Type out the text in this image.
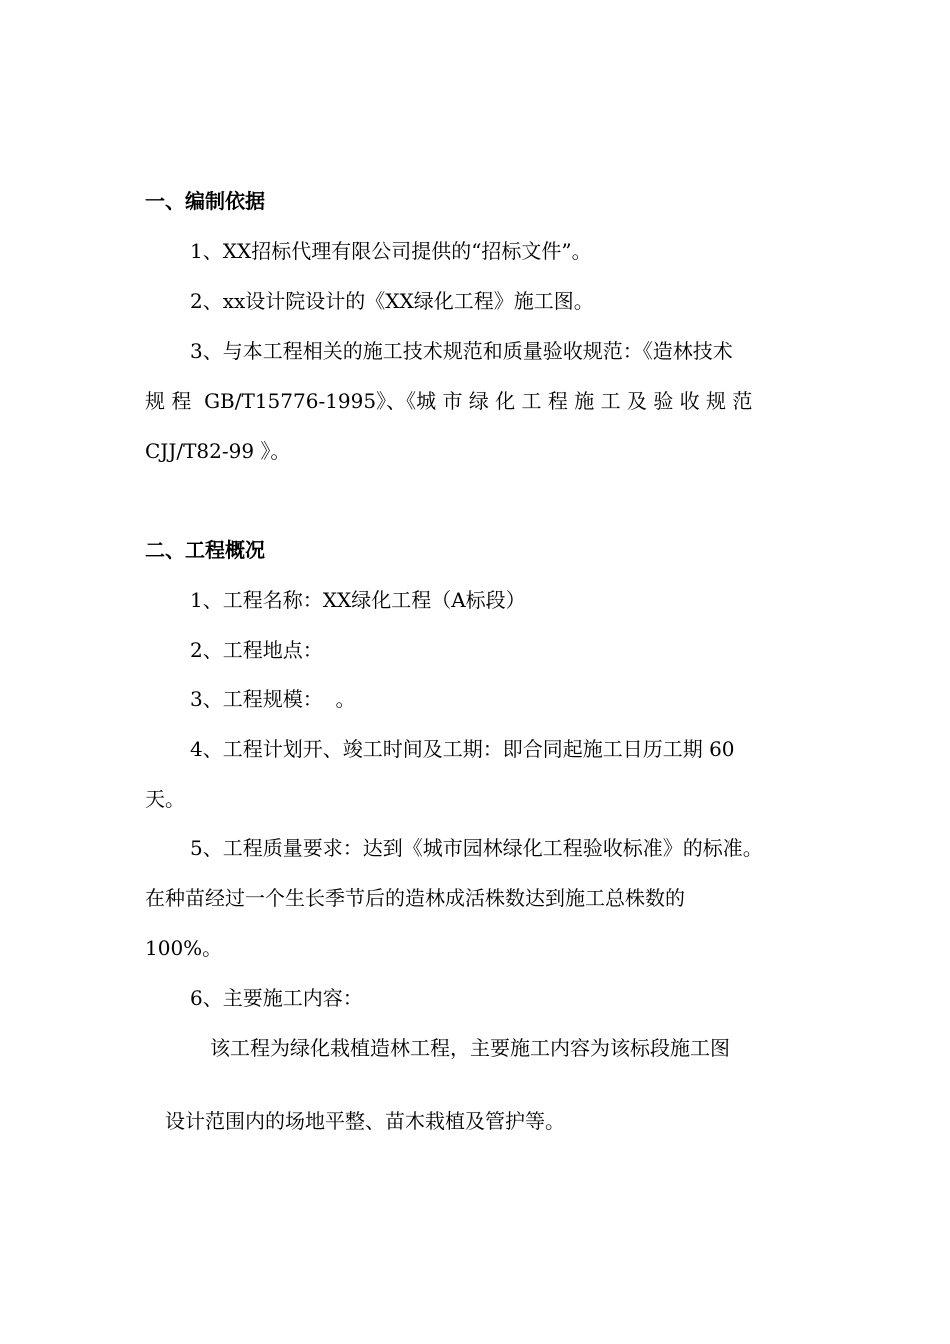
一、编制依据
1、XX招标代理有限公司提供的“招标文件”。
2、xx设计院设计的《XX绿化工程》施工图。
3、与本工程相关的施工技术规范和质量验收规范：《造林技术
规 程  GB/T15776-1995》、《城 市 绿 化 工 程 施 工 及 验 收 规 范
CJJ/T82-99 》。
二、工程概况
1、工程名称：XX绿化工程（A标段）
2、工程地点：
3、工程规模：  。
4、工程计划开、竣工时间及工期：即合同起施工日历工期 60
天。
5、工程质量要求：达到《城市园林绿化工程验收标准》的标准。
在种苗经过一个生长季节后的造林成活株数达到施工总株数的
100%。
6、主要施工内容：
该工程为绿化栽植造林工程，主要施工内容为该标段施工图
设计范围内的场地平整、苗木栽植及管护等。
